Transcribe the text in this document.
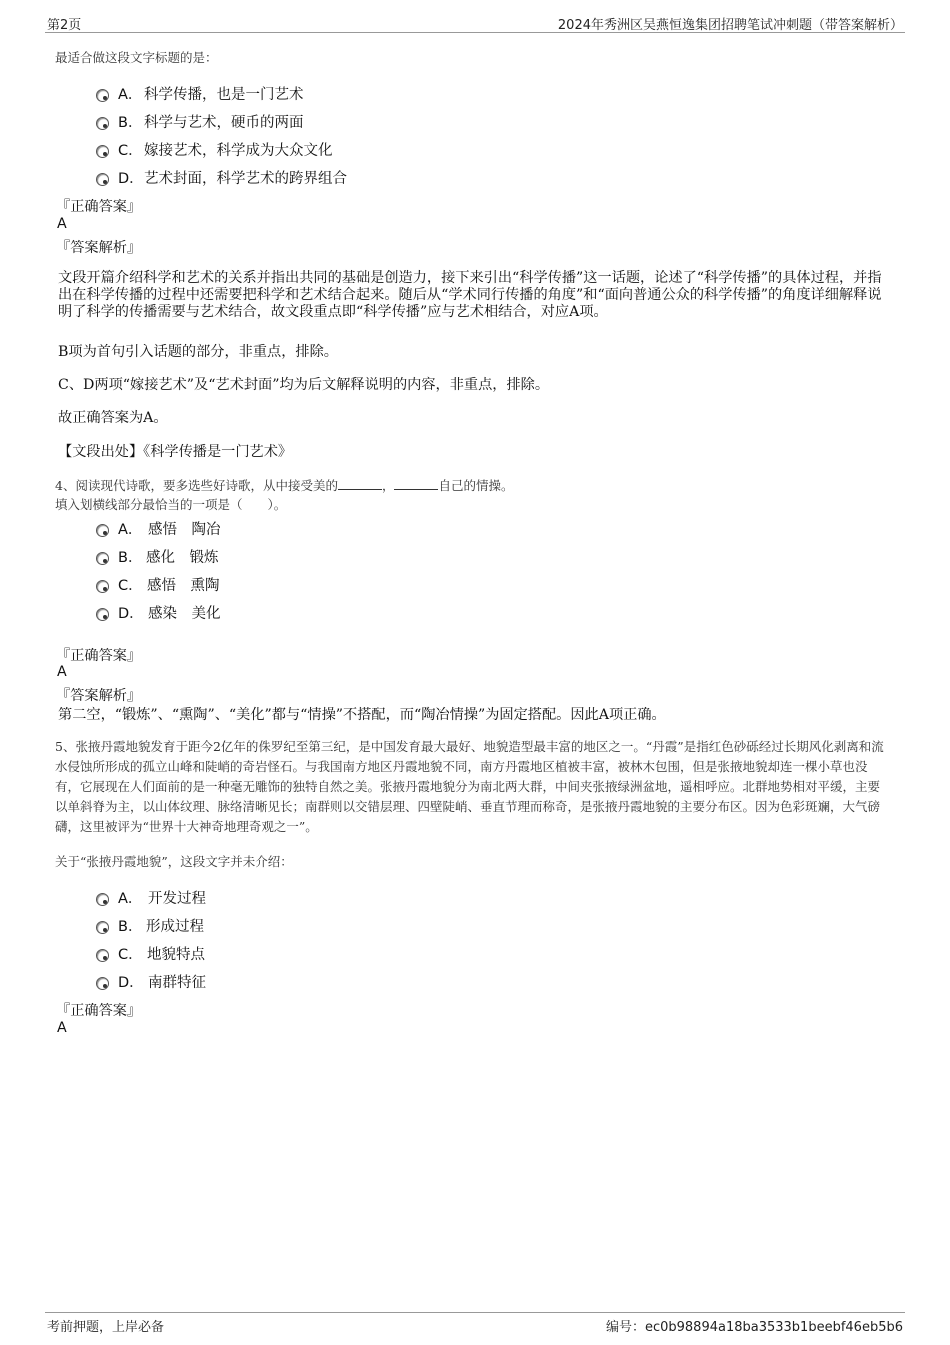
第2页	2024年秀洲区吴燕恒逸集团招聘笔试冲刺题（带答案解析）
最适合做这段文字标题的是：
A． 科学传播，也是一门艺术
B． 科学与艺术，硬币的两面
C． 嫁接艺术，科学成为大众文化
D． 艺术封面，科学艺术的跨界组合
『正确答案』
A
『答案解析』
文段开篇介绍科学和艺术的关系并指出共同的基础是创造力，接下来引出“科学传播”这一话题，论述了“科学传播”的具体过程，并指出在科学传播的过程中还需要把科学和艺术结合起来。随后从“学术同行传播的角度”和“面向普通公众的科学传播”的角度详细解释说明了科学的传播需要与艺术结合，故文段重点即“科学传播”应与艺术相结合，对应A项。
B项为首句引入话题的部分，非重点，排除。
C、D两项“嫁接艺术”及“艺术封面”均为后文解释说明的内容，非重点，排除。
故正确答案为A。
【文段出处】《科学传播是一门艺术》
4、阅读现代诗歌，要多选些好诗歌，从中接受美的	，	自己的情操。
填入划横线部分最恰当的一项是（　　）。
A． 感悟　陶冶
B． 感化　锻炼
C． 感悟　熏陶
D． 感染　美化
『正确答案』
A
『答案解析』
第二空，“锻炼”、“熏陶”、“美化”都与“情操”不搭配，而“陶冶情操”为固定搭配。因此A项正确。
5、张掖丹霞地貌发育于距今2亿年的侏罗纪至第三纪，是中国发育最大最好、地貌造型最丰富的地区之一。“丹霞”是指红色砂砾经过长期风化剥离和流水侵蚀所形成的孤立山峰和陡峭的奇岩怪石。与我国南方地区丹霞地貌不同，南方丹霞地区植被丰富，被林木包围，但是张掖地貌却连一棵小草也没有，它展现在人们面前的是一种毫无雕饰的独特自然之美。张掖丹霞地貌分为南北两大群，中间夹张掖绿洲盆地，遥相呼应。北群地势相对平缓，主要以单斜脊为主，以山体纹理、脉络清晰见长；南群则以交错层理、四壁陡峭、垂直节理而称奇，是张掖丹霞地貌的主要分布区。因为色彩斑斓，大气磅礴，这里被评为“世界十大神奇地理奇观之一”。
关于“张掖丹霞地貌”，这段文字并未介绍：
A． 开发过程
B． 形成过程
C． 地貌特点
D． 南群特征
『正确答案』
A
考前押题，上岸必备	编号：ec0b98894a18ba3533b1beebf46eb5b6
